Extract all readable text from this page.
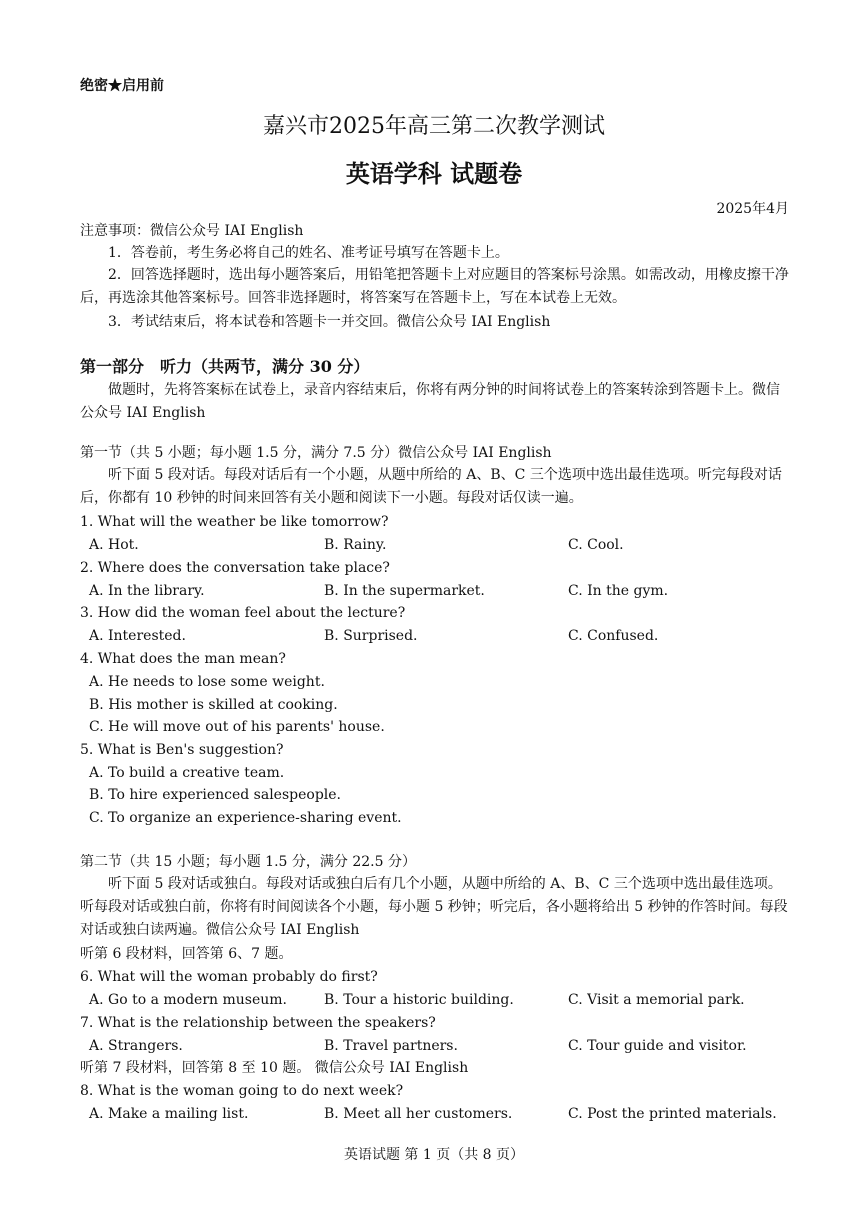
绝密★启用前
嘉兴市2025年高三第二次教学测试
英语学科 试题卷
2025年4月
注意事项：微信公众号 IAI English
1．答卷前，考生务必将自己的姓名、准考证号填写在答题卡上。
2．回答选择题时，选出每小题答案后，用铅笔把答题卡上对应题目的答案标号涂黑。如需改动，用橡皮擦干净后，再选涂其他答案标号。回答非选择题时，将答案写在答题卡上，写在本试卷上无效。
3．考试结束后，将本试卷和答题卡一并交回。微信公众号 IAI English
第一部分　听力（共两节，满分 30 分）
做题时，先将答案标在试卷上，录音内容结束后，你将有两分钟的时间将试卷上的答案转涂到答题卡上。微信公众号 IAI English
第一节（共 5 小题；每小题 1.5 分，满分 7.5 分）微信公众号 IAI English
听下面 5 段对话。每段对话后有一个小题，从题中所给的 A、B、C 三个选项中选出最佳选项。听完每段对话后，你都有 10 秒钟的时间来回答有关小题和阅读下一小题。每段对话仅读一遍。
1. What will the weather be like tomorrow?
A. Hot.	B. Rainy.	C. Cool.
2. Where does the conversation take place?
A. In the library.	B. In the supermarket.	C. In the gym.
3. How did the woman feel about the lecture?
A. Interested.	B. Surprised.	C. Confused.
4. What does the man mean?
A. He needs to lose some weight.
B. His mother is skilled at cooking.
C. He will move out of his parents' house.
5. What is Ben's suggestion?
A. To build a creative team.
B. To hire experienced salespeople.
C. To organize an experience-sharing event.
第二节（共 15 小题；每小题 1.5 分，满分 22.5 分）
听下面 5 段对话或独白。每段对话或独白后有几个小题，从题中所给的 A、B、C 三个选项中选出最佳选项。听每段对话或独白前，你将有时间阅读各个小题，每小题 5 秒钟；听完后，各小题将给出 5 秒钟的作答时间。每段对话或独白读两遍。微信公众号 IAI English
听第 6 段材料，回答第 6、7 题。
6. What will the woman probably do first?
A. Go to a modern museum.	B. Tour a historic building.	C. Visit a memorial park.
7. What is the relationship between the speakers?
A. Strangers.	B. Travel partners.	C. Tour guide and visitor.
听第 7 段材料，回答第 8 至 10 题。 微信公众号 IAI English
8. What is the woman going to do next week?
A. Make a mailing list.	B. Meet all her customers.	C. Post the printed materials.
英语试题 第 1 页（共 8 页）
